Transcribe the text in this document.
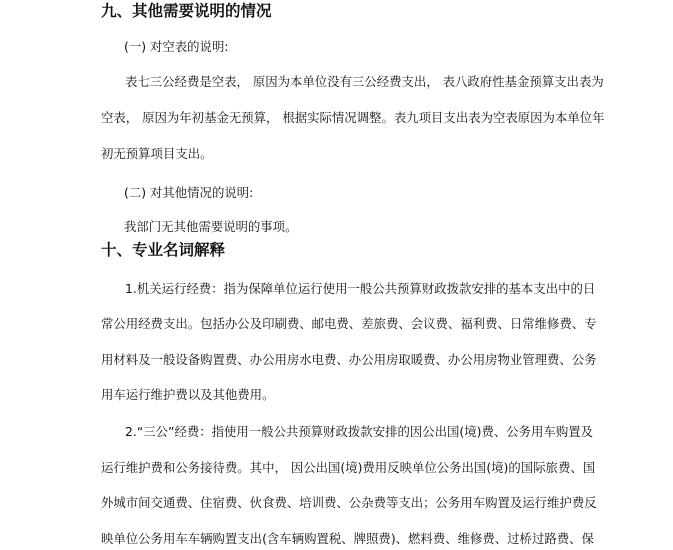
九、其他需要说明的情况

(一) 对空表的说明:

表七三公经费是空表， 原因为本单位没有三公经费支出， 表八政府性基金预算支出表为

空表， 原因为年初基金无预算， 根据实际情况调整。表九项目支出表为空表原因为本单位年

初无预算项目支出。

(二) 对其他情况的说明:

我部门无其他需要说明的事项。

十、专业名词解释

1.机关运行经费：指为保障单位运行使用一般公共预算财政拨款安排的基本支出中的日

常公用经费支出。包括办公及印刷费、邮电费、差旅费、会议费、福利费、日常维修费、专

用材料及一般设备购置费、办公用房水电费、办公用房取暖费、办公用房物业管理费、公务

用车运行维护费以及其他费用。

2.“三公”经费：指使用一般公共预算财政拨款安排的因公出国(境)费、公务用车购置及

运行维护费和公务接待费。其中， 因公出国(境)费用反映单位公务出国(境)的国际旅费、国

外城市间交通费、住宿费、伙食费、培训费、公杂费等支出；公务用车购置及运行维护费反

映单位公务用车车辆购置支出(含车辆购置税、牌照费)、燃料费、维修费、过桥过路费、保
